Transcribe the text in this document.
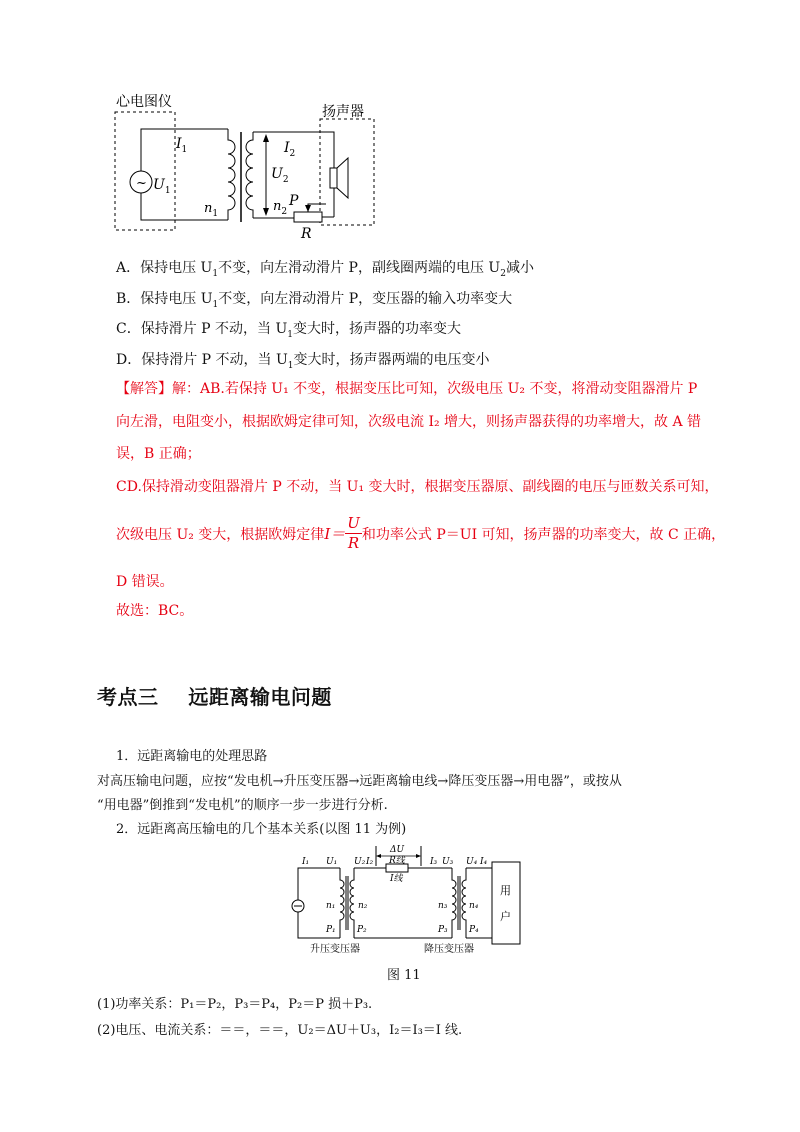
心电图仪
扬声器
~
$I_1$
$U_1$
$n_1$
$I_2$
$U_2$
$n_2$
P
R
A．保持电压 $U_1$不变，向左滑动滑片 P，副线圈两端的电压 $U_2$减小
B．保持电压 $U_1$不变，向左滑动滑片 P，变压器的输入功率变大
C．保持滑片 P 不动，当 $U_1$变大时，扬声器的功率变大
D．保持滑片 P 不动，当 $U_1$变大时，扬声器两端的电压变小
【解答】解：AB.若保持 U₁ 不变，根据变压比可知，次级电压 U₂ 不变，将滑动变阻器滑片 P
向左滑，电阻变小，根据欧姆定律可知，次级电流 I₂ 增大，则扬声器获得的功率增大，故 A 错
误，B 正确；
CD.保持滑动变阻器滑片 P 不动，当 U₁ 变大时，根据变压器原、副线圈的电压与匝数关系可知，
次级电压 U₂ 变大，根据欧姆定律 $I= \frac{U}{R}$ 和功率公式 P＝UI 可知，扬声器的功率变大，故 C 正确，
D 错误。
故选：BC。
考点三    远距离输电问题
1．远距离输电的处理思路
对高压输电问题，应按“发电机→升压变压器→远距离输电线→降压变压器→用电器”，或按从
“用电器”倒推到“发电机”的顺序一步一步进行分析.
2．远距离高压输电的几个基本关系(以图 11 为例)
I₁ U₁ U₂ I₂	I₃ U₃ U₄ I₄
n₁	n₂	n₃ n₄
P₁ P₂	P₃ P₄
ΔU
R线
I线
用
户
升压变压器	降压变压器
图 11
(1)功率关系：P₁＝P₂，P₃＝P₄，P₂＝P 损＋P₃.
(2)电压、电流关系：＝＝，＝＝，U₂＝ΔU＋U₃，I₂＝I₃＝I 线.
